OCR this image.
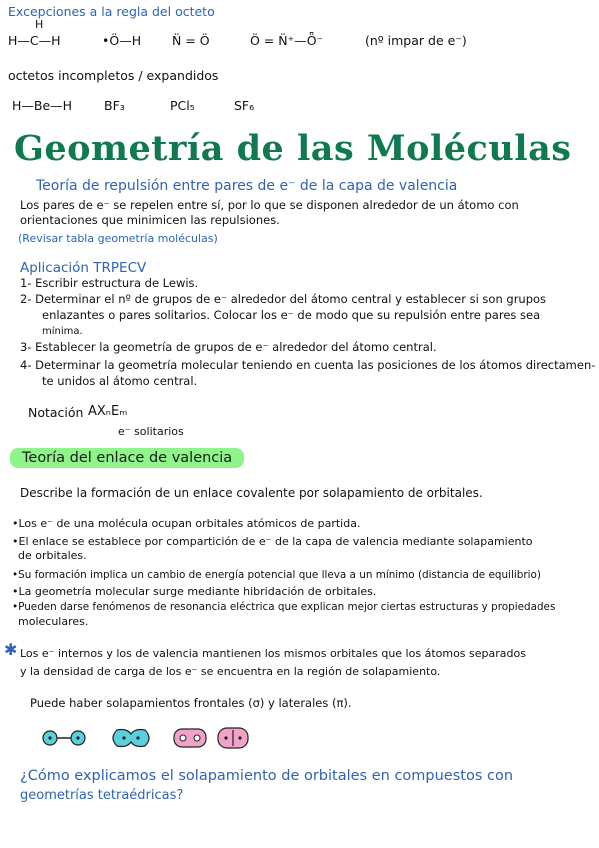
Excepciones a la regla del octeto
H
H—C—H	•Ö—H N̈ = Ö	Ö = N̈⁺—Ȫ⁻	(nº impar de e⁻)
octetos incompletos / expandidos
H—Be—H	BF₃	PCl₅	SF₆
Geometría de las Moléculas
Teoría de repulsión entre pares de e⁻ de la capa de valencia
Los pares de e⁻ se repelen entre sí, por lo que se disponen alrededor de un átomo con
orientaciones que minimicen las repulsiones.
(Revisar tabla geometría moléculas)
Aplicación TRPECV
1- Escribir estructura de Lewis.
2- Determinar el nº de grupos de e⁻ alrededor del átomo central y establecer si son grupos
enlazantes o pares solitarios. Colocar los e⁻ de modo que su repulsión entre pares sea
mínima.
3- Establecer la geometría de grupos de e⁻ alrededor del átomo central.
4- Determinar la geometría molecular teniendo en cuenta las posiciones de los átomos directamen-
te unidos al átomo central.
Notación AXₙEₘ
e⁻ solitarios
Teoría del enlace de valencia
Describe la formación de un enlace covalente por solapamiento de orbitales.
•Los e⁻ de una molécula ocupan orbitales atómicos de partida.
•El enlace se establece por compartición de e⁻ de la capa de valencia mediante solapamiento
de orbitales.
•Su formación implica un cambio de energía potencial que lleva a un mínimo (distancia de equilibrio)
•La geometría molecular surge mediante hibridación de orbitales.
•Pueden darse fenómenos de resonancia eléctrica que explican mejor ciertas estructuras y propiedades
moleculares.
✱ Los e⁻ internos y los de valencia mantienen los mismos orbitales que los átomos separados
y la densidad de carga de los e⁻ se encuentra en la región de solapamiento.
Puede haber solapamientos frontales (σ) y laterales (π).
¿Cómo explicamos el solapamiento de orbitales en compuestos con
geometrías tetraédricas?
